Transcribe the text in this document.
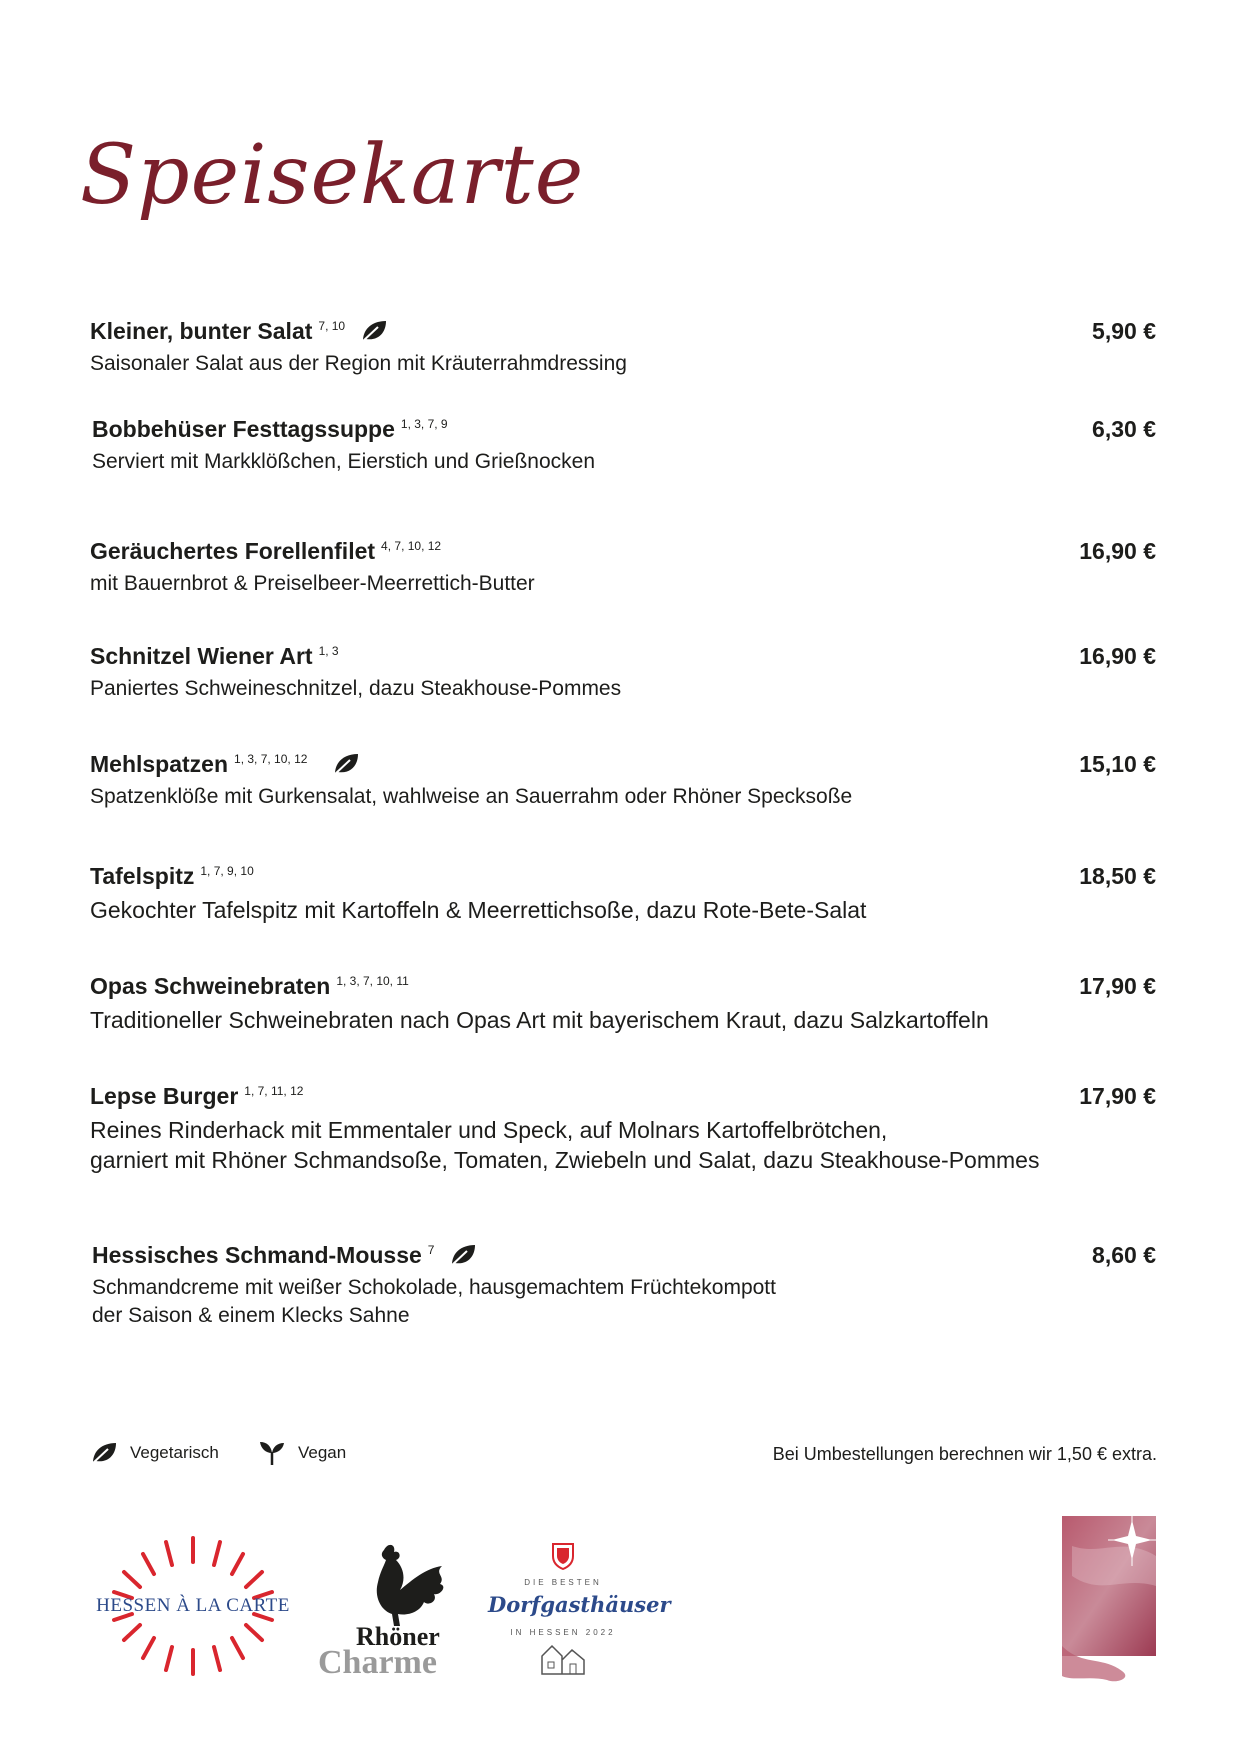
Speisekarte
Kleiner, bunter Salat $^{7, 10}$	5,90 €
Saisonaler Salat aus der Region mit Kräuterrahmdressing
Bobbehüser Festtagssuppe $^{1, 3, 7, 9}$	6,30 €
Serviert mit Markklößchen, Eierstich und Grießnocken
Geräuchertes Forellenfilet $^{4, 7, 10, 12}$	16,90 €
mit Bauernbrot & Preiselbeer-Meerrettich-Butter
Schnitzel Wiener Art $^{1, 3}$	16,90 €
Paniertes Schweineschnitzel, dazu Steakhouse-Pommes
Mehlspatzen $^{1, 3, 7, 10, 12}$	15,10 €
Spatzenklöße mit Gurkensalat, wahlweise an Sauerrahm oder Rhöner Specksoße
Tafelspitz $^{1, 7, 9, 10}$	18,50 €
Gekochter Tafelspitz mit Kartoffeln & Meerrettichsoße, dazu Rote-Bete-Salat
Opas Schweinebraten $^{1, 3, 7, 10, 11}$	17,90 €
Traditioneller Schweinebraten nach Opas Art mit bayerischem Kraut, dazu Salzkartoffeln
Lepse Burger $^{1, 7, 11, 12}$	17,90 €
Reines Rinderhack mit Emmentaler und Speck, auf Molnars Kartoffelbrötchen,
garniert mit Rhöner Schmandsoße, Tomaten, Zwiebeln und Salat, dazu Steakhouse-Pommes
Hessisches Schmand-Mousse $^7$	8,60 €
Schmandcreme mit weißer Schokolade, hausgemachtem Früchtekompott
der Saison & einem Klecks Sahne
Vegetarisch	Vegan	Bei Umbestellungen berechnen wir 1,50 € extra.
HESSEN À LA CARTE
Rhöner
Charme
DIE BESTEN
Dorfgasthäuser
IN HESSEN 2022
